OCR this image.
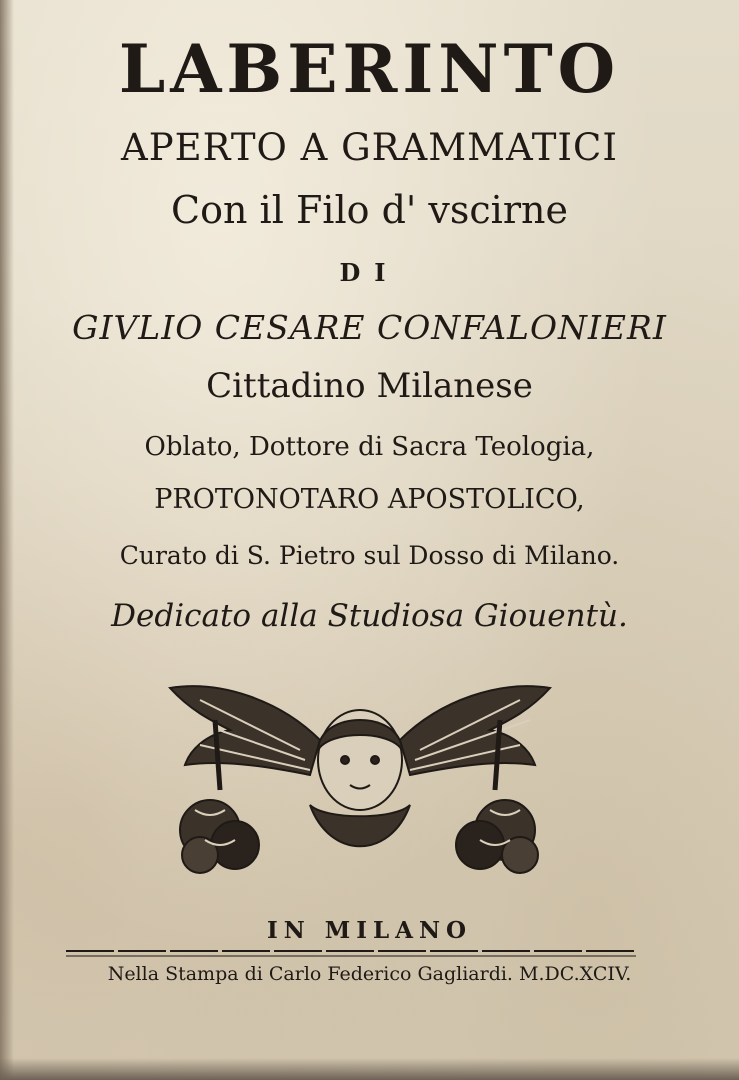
LABERINTO
APERTO A GRAMMATICI
Con il Filo d' vscirne
DI
GIVLIO CESARE CONFALONIERI
Cittadino Milanese
Oblato, Dottore di Sacra Teologia,
PROTONOTARO APOSTOLICO,
Curato di S. Pietro sul Dosso di Milano.
Dedicato alla Studiosa Giouentù.
IN MILANO
Nella Stampa di Carlo Federico Gagliardi. M.DC.XCIV.
